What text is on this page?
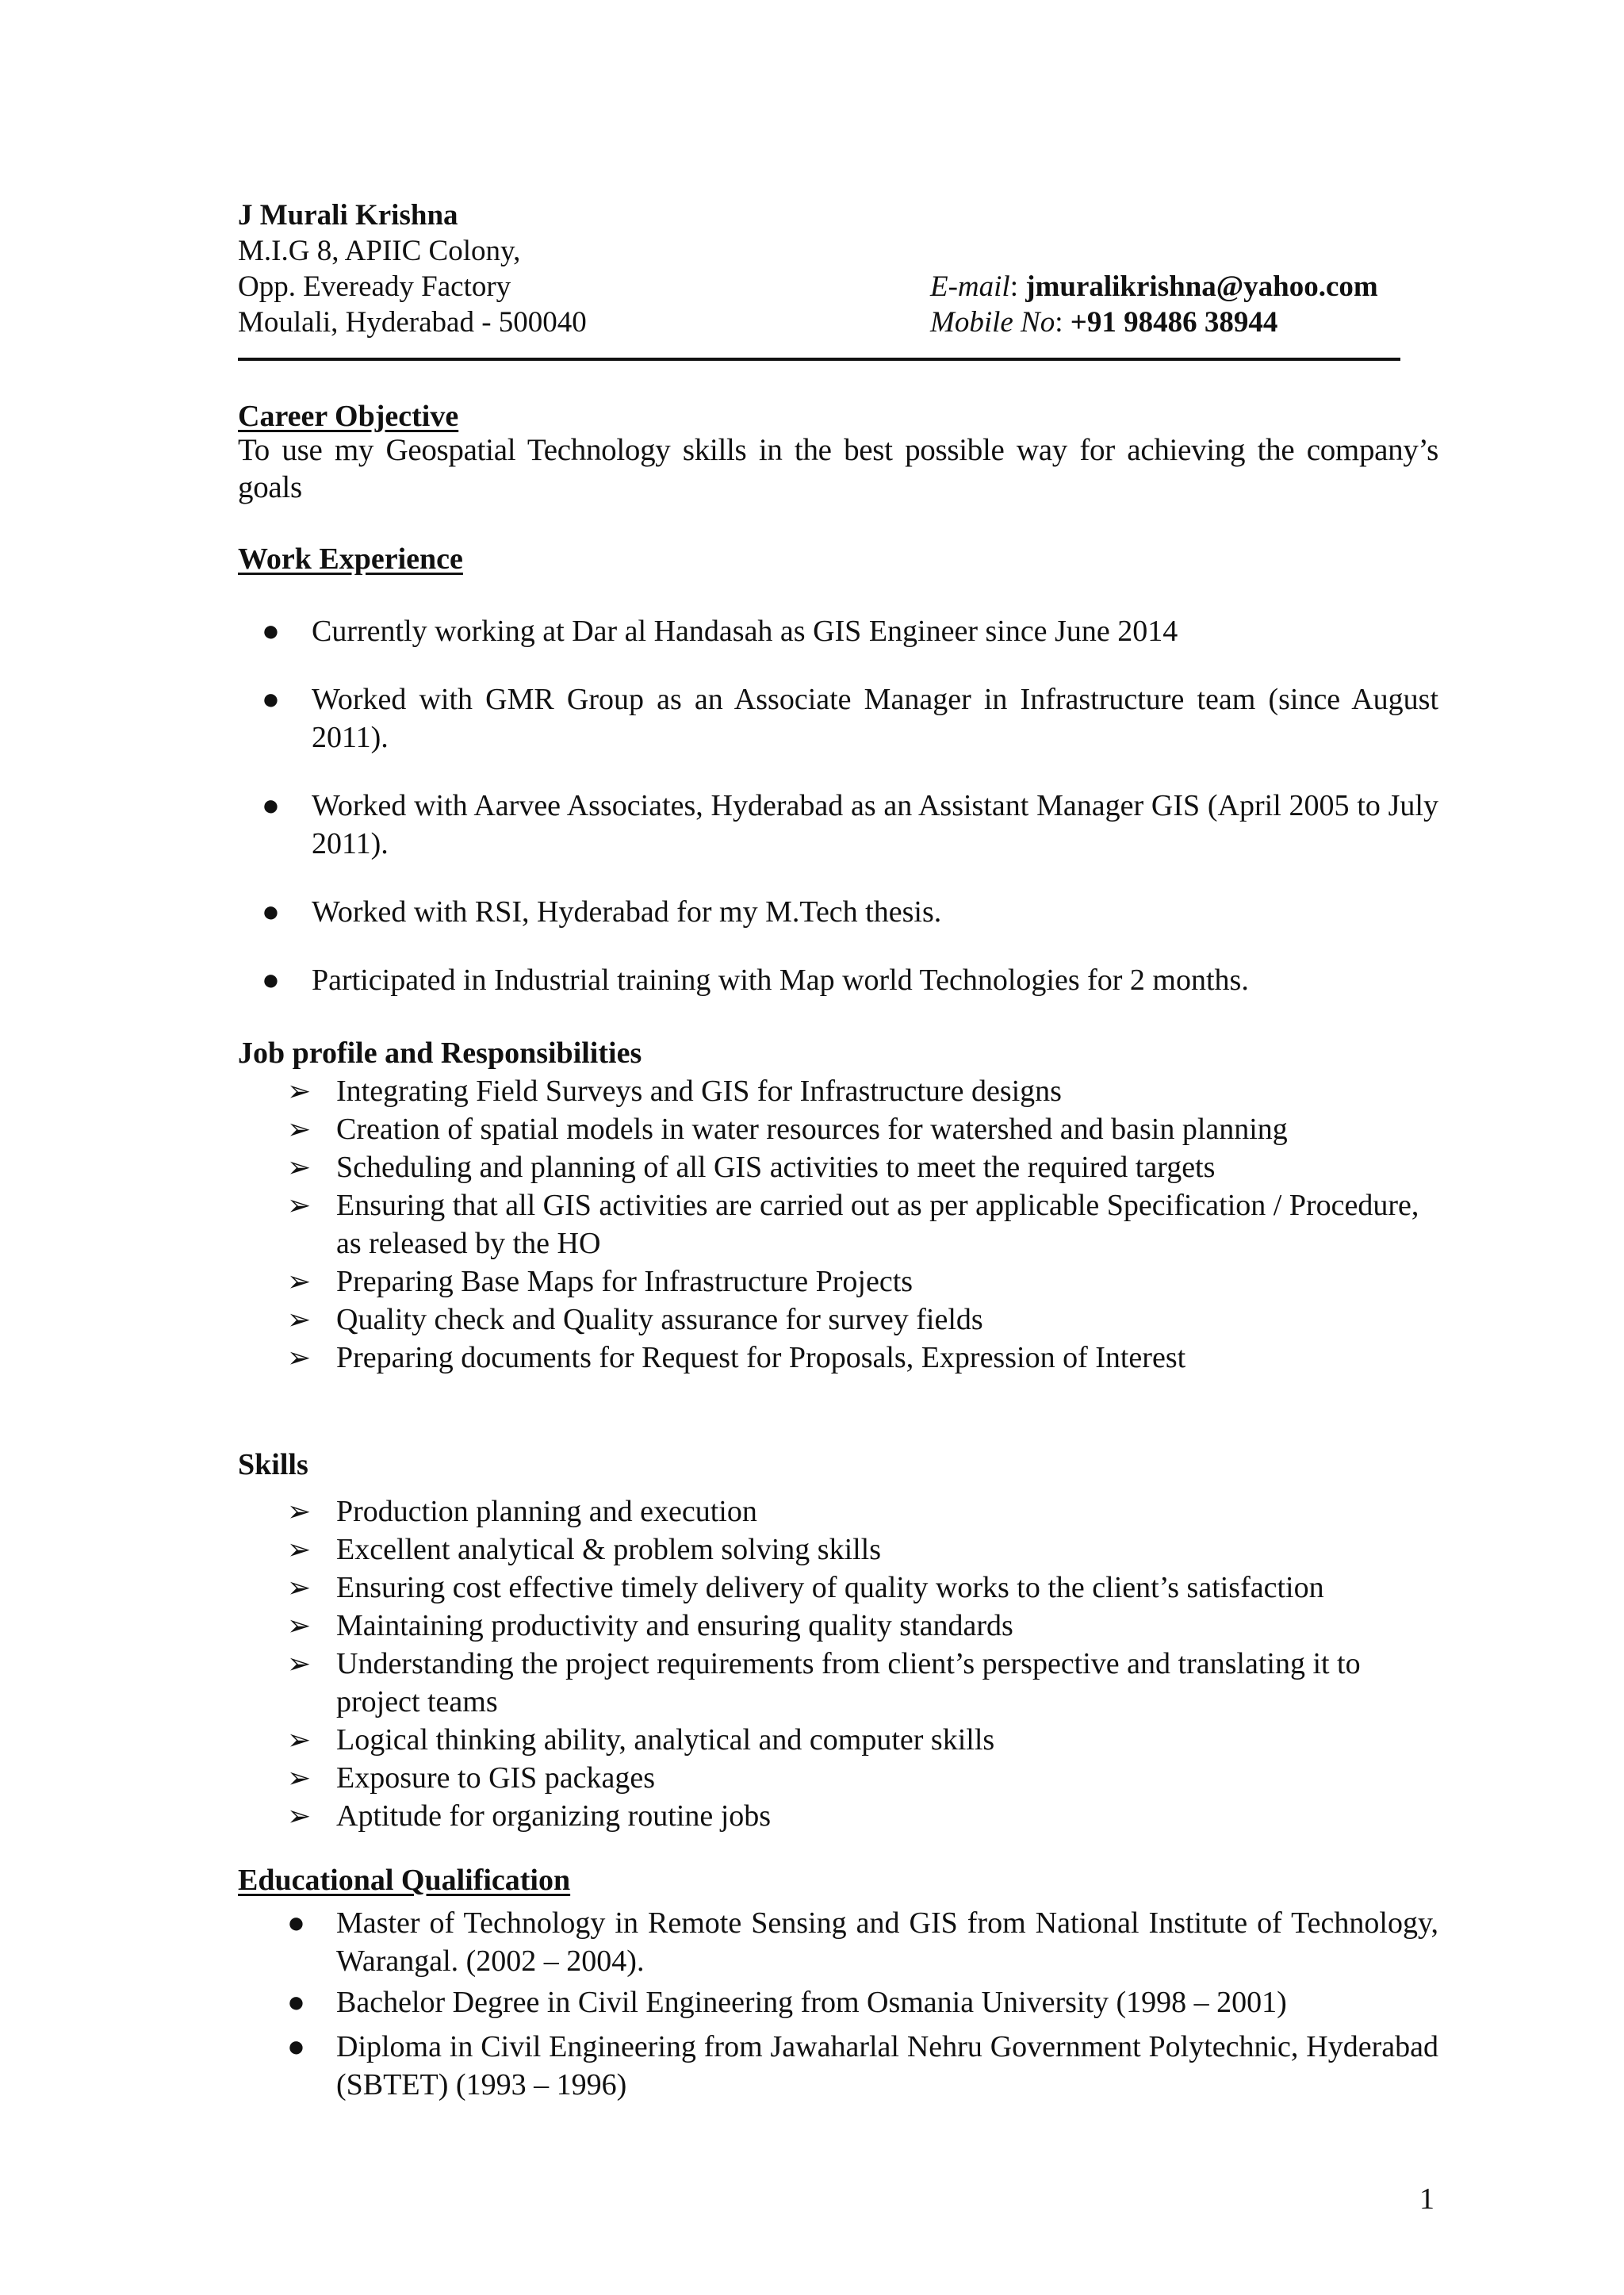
J Murali Krishna

M.I.G 8, APIIC Colony,
Opp. Eveready Factory	E-mail: jmuralikrishna@yahoo.com
Moulali, Hyderabad - 500040	Mobile No: +91 98486 38944

Career Objective

To use my Geospatial Technology skills in the best possible way for achieving the company’s goals

Work Experience

● Currently working at Dar al Handasah as GIS Engineer since June 2014
● Worked with GMR Group as an Associate Manager in Infrastructure team (since August 2011).
● Worked with Aarvee Associates, Hyderabad as an Assistant Manager GIS (April 2005 to July 2011).
● Worked with RSI, Hyderabad for my M.Tech thesis.
● Participated in Industrial training with Map world Technologies for 2 months.

Job profile and Responsibilities

➢ Integrating Field Surveys and GIS for Infrastructure designs
➢ Creation of spatial models in water resources for watershed and basin planning
➢ Scheduling and planning of all GIS activities to meet the required targets
➢ Ensuring that all GIS activities are carried out as per applicable Specification / Procedure, as released by the HO
➢ Preparing Base Maps for Infrastructure Projects
➢ Quality check and Quality assurance for survey fields
➢ Preparing documents for Request for Proposals, Expression of Interest

Skills

➢ Production planning and execution
➢ Excellent analytical & problem solving skills
➢ Ensuring cost effective timely delivery of quality works to the client’s satisfaction
➢ Maintaining productivity and ensuring quality standards
➢ Understanding the project requirements from client’s perspective and translating it to project teams
➢ Logical thinking ability, analytical and computer skills
➢ Exposure to GIS packages
➢ Aptitude for organizing routine jobs

Educational Qualification

● Master of Technology in Remote Sensing and GIS from National Institute of Technology, Warangal. (2002 – 2004).
● Bachelor Degree in Civil Engineering from Osmania University (1998 – 2001)
● Diploma in Civil Engineering from Jawaharlal Nehru Government Polytechnic, Hyderabad (SBTET) (1993 – 1996)
1
